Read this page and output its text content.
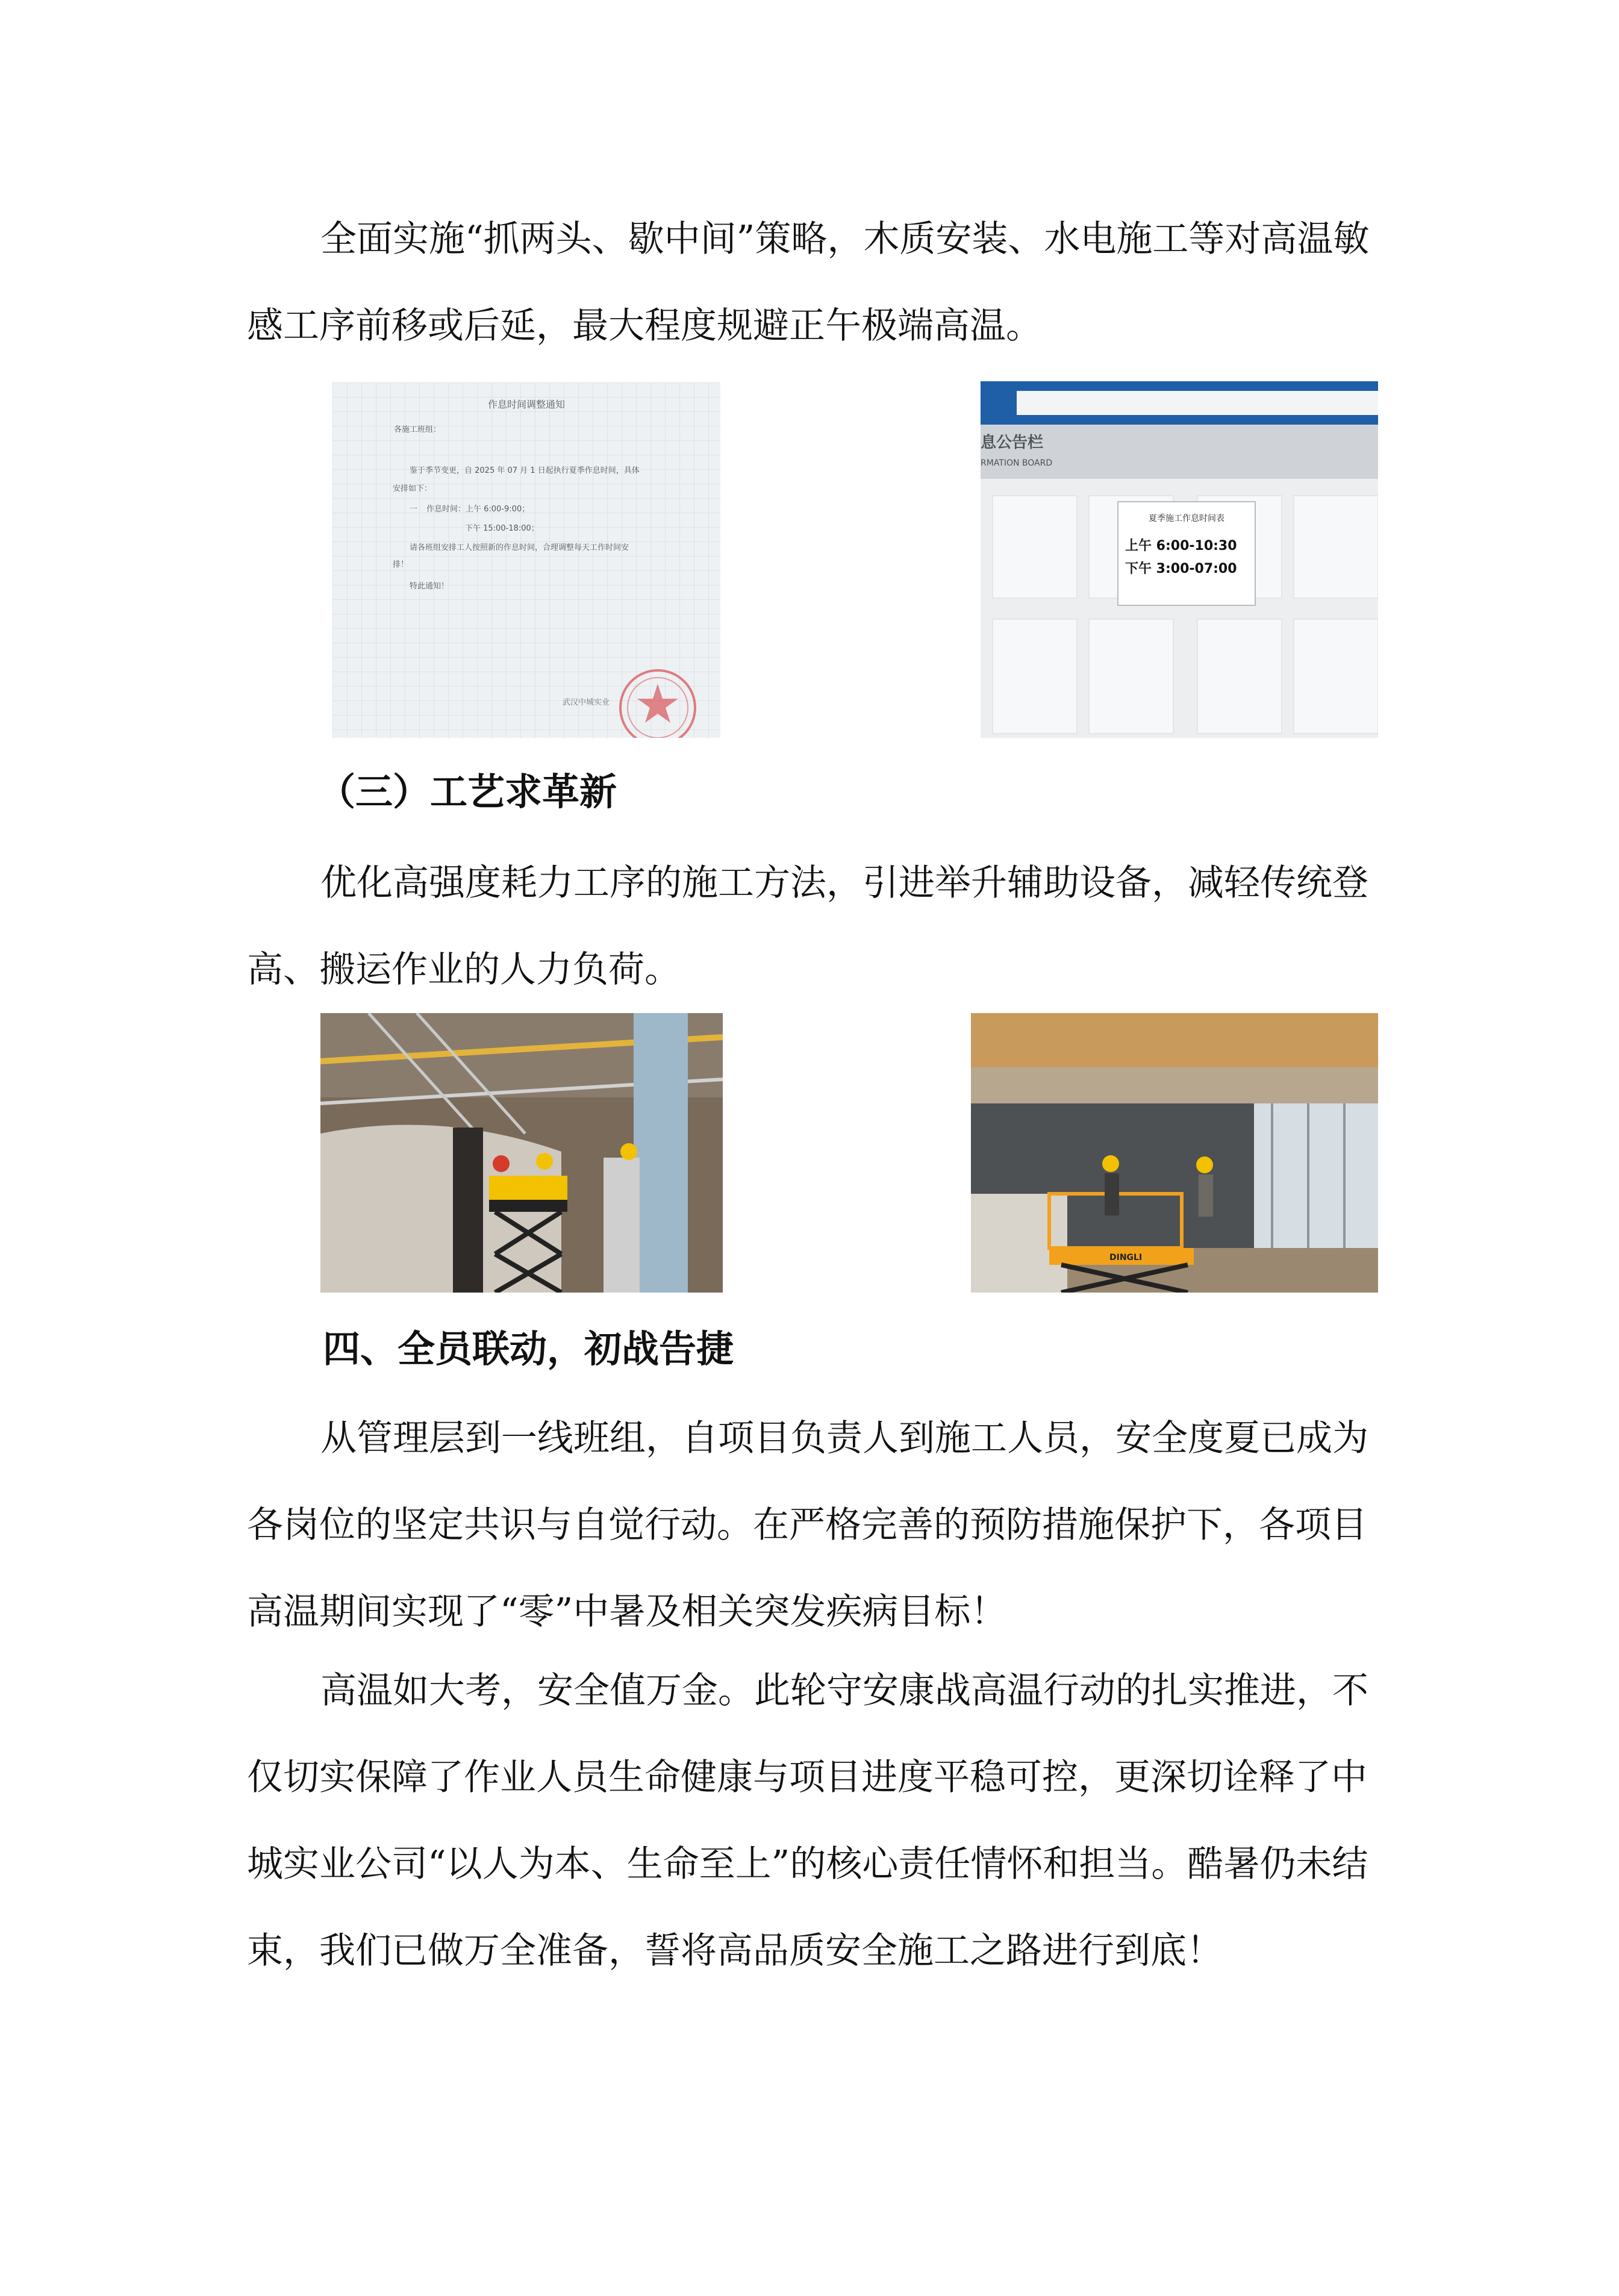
全面实施“抓两头、歇中间”策略，木质安装、水电施工等对高温敏感工序前移或后延，最大程度规避正午极端高温。

作息时间调整通知
各施工班组：
鉴于季节变更，自 2025 年 07 月 1 日起执行夏季作息时间，具体
安排如下：
一 作息时间：上午 6:00-9:00；
下午 15:00-18:00；
请各班组安排工人按照新的作息时间，合理调整每天工作时间安
排！
特此通知！
武汉中城实业
息公告栏
RMATION BOARD
夏季施工作息时间表
上午 6:00-10:30
下午 3:00-07:00
（三）工艺求革新

优化高强度耗力工序的施工方法，引进举升辅助设备，减轻传统登高、搬运作业的人力负荷。

DINGLI
四、全员联动，初战告捷

从管理层到一线班组，自项目负责人到施工人员，安全度夏已成为各岗位的坚定共识与自觉行动。在严格完善的预防措施保护下，各项目高温期间实现了“零”中暑及相关突发疾病目标！

高温如大考，安全值万金。此轮守安康战高温行动的扎实推进，不仅切实保障了作业人员生命健康与项目进度平稳可控，更深切诠释了中城实业公司“以人为本、生命至上”的核心责任情怀和担当。酷暑仍未结束，我们已做万全准备，誓将高品质安全施工之路进行到底！
